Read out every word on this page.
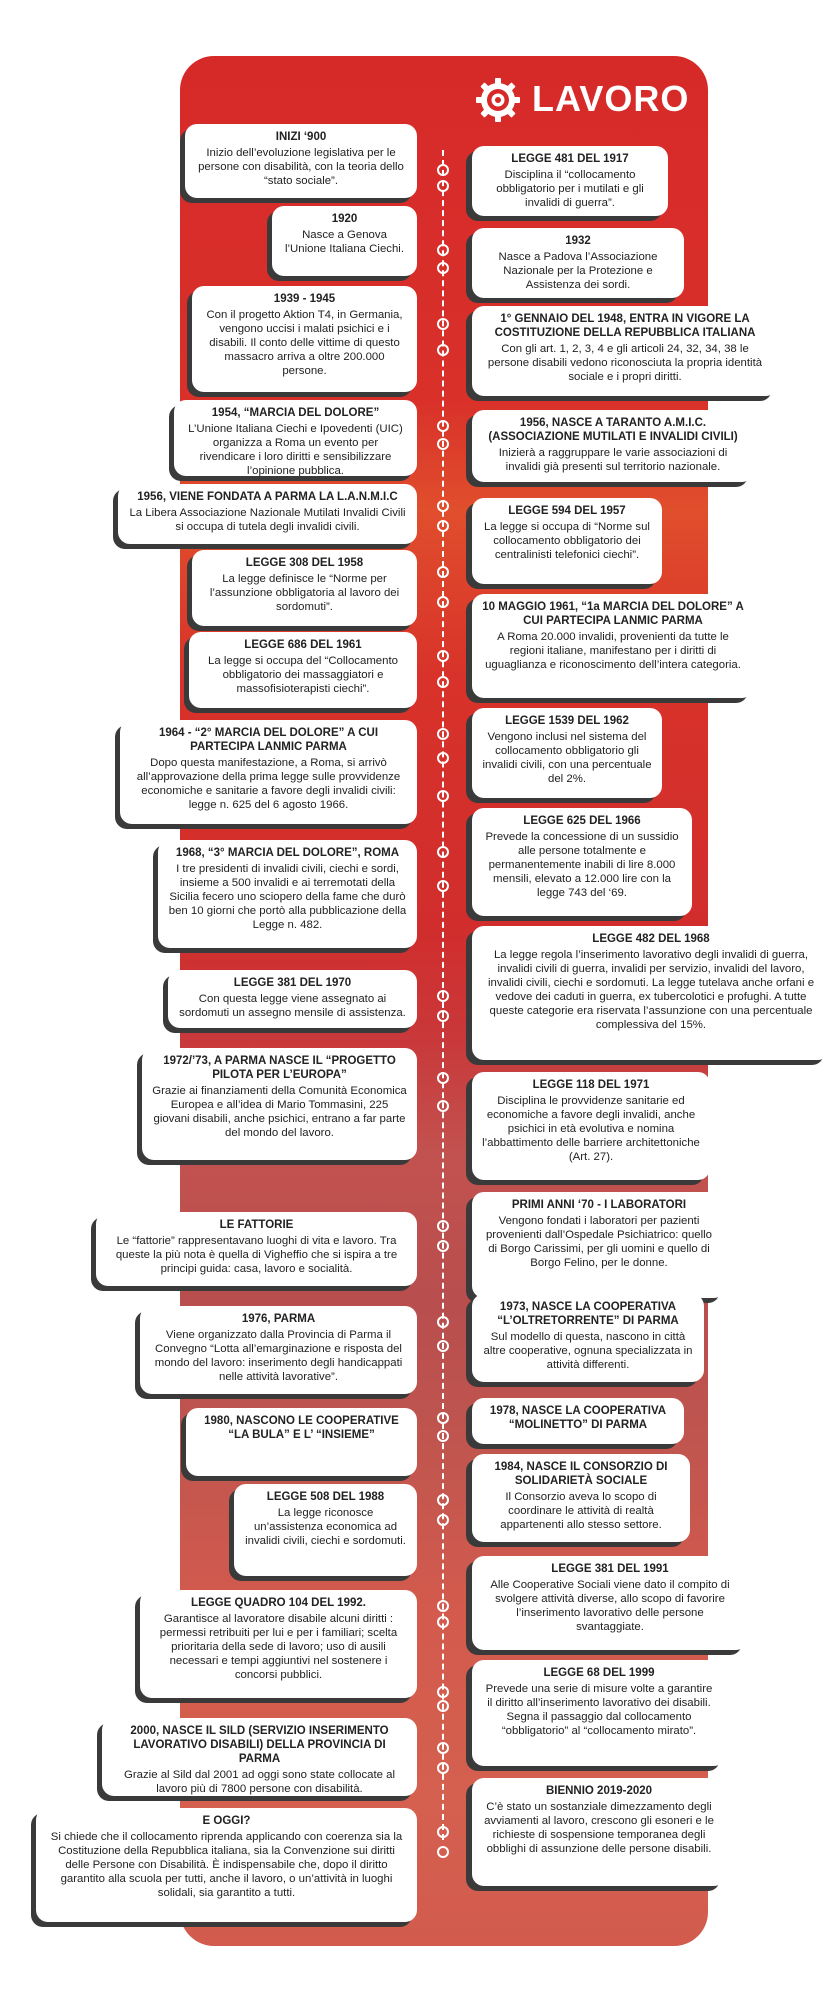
LAVORO
INIZI ‘900

Inizio dell’evoluzione legislativa per le persone con disabilità, con la teoria dello “stato sociale”.

1920

Nasce a Genova l’Unione Italiana Ciechi.

1939 - 1945

Con il progetto Aktion T4, in Germania, vengono uccisi i malati psichici e i disabili. Il conto delle vittime di questo massacro arriva a oltre 200.000 persone.

1954, “MARCIA DEL DOLORE”

L’Unione Italiana Ciechi e Ipovedenti (UIC) organizza a Roma un evento per rivendicare i loro diritti e sensibilizzare l’opinione pubblica.

1956, VIENE FONDATA A PARMA LA L.A.N.M.I.C

La Libera Associazione Nazionale Mutilati Invalidi Civili si occupa di tutela degli invalidi civili.

LEGGE 308 DEL 1958

La legge definisce le “Norme per l’assunzione obbligatoria al lavoro dei sordomuti”.

LEGGE 686 DEL 1961

La legge si occupa del “Collocamento obbligatorio dei massaggiatori e massofisioterapisti ciechi”.

1964 - “2° MARCIA DEL DOLORE” A CUI PARTECIPA LANMIC PARMA

Dopo questa manifestazione, a Roma, si arrivò all’approvazione della prima legge sulle provvidenze economiche e sanitarie a favore degli invalidi civili: legge n. 625 del 6 agosto 1966.

1968, “3° MARCIA DEL DOLORE”, ROMA

I tre presidenti di invalidi civili, ciechi e sordi, insieme a 500 invalidi e ai terremotati della Sicilia fecero uno sciopero della fame che durò ben 10 giorni che portò alla pubblicazione della Legge n. 482.

LEGGE 381 DEL 1970

Con questa legge viene assegnato ai sordomuti un assegno mensile di assistenza.

1972/’73, A PARMA NASCE IL “PROGETTO PILOTA PER L’EUROPA”

Grazie ai finanziamenti della Comunità Economica Europea e all’idea di Mario Tommasini, 225 giovani disabili, anche psichici, entrano a far parte del mondo del lavoro.

LE FATTORIE

Le “fattorie” rappresentavano luoghi di vita e lavoro. Tra queste la più nota è quella di Vigheffio che si ispira a tre principi guida: casa, lavoro e socialità.

1976, PARMA

Viene organizzato dalla Provincia di Parma il Convegno “Lotta all’emarginazione e risposta del mondo del lavoro: inserimento degli handicappati nelle attività lavorative”.

1980, NASCONO LE COOPERATIVE “LA BULA” E L’ “INSIEME”
LEGGE 508 DEL 1988

La legge riconosce un’assistenza economica ad invalidi civili, ciechi e sordomuti.

LEGGE QUADRO 104 DEL 1992.

Garantisce al lavoratore disabile alcuni diritti : permessi retribuiti per lui e per i familiari; scelta prioritaria della sede di lavoro; uso di ausili necessari e tempi aggiuntivi nel sostenere i concorsi pubblici.

2000, NASCE IL SILD (SERVIZIO INSERIMENTO LAVORATIVO DISABILI) DELLA PROVINCIA DI PARMA

Grazie al Sild dal 2001 ad oggi sono state collocate al lavoro più di 7800 persone con disabilità.

E OGGI?

Si chiede che il collocamento riprenda applicando con coerenza sia la Costituzione della Repubblica italiana, sia la Convenzione sui diritti delle Persone con Disabilità. È indispensabile che, dopo il diritto garantito alla scuola per tutti, anche il lavoro, o un’attività in luoghi solidali, sia garantito a tutti.

LEGGE 481 DEL 1917

Disciplina il “collocamento obbligatorio per i mutilati e gli invalidi di guerra”.

1932

Nasce a Padova l’Associazione Nazionale per la Protezione e Assistenza dei sordi.

1° GENNAIO DEL 1948, ENTRA IN VIGORE LA COSTITUZIONE DELLA REPUBBLICA ITALIANA

Con gli art. 1, 2, 3, 4 e gli articoli 24, 32, 34, 38 le persone disabili vedono riconosciuta la propria identità sociale e i propri diritti.

1956, NASCE A TARANTO A.M.I.C. (ASSOCIAZIONE MUTILATI E INVALIDI CIVILI)

Inizierà a raggruppare le varie associazioni di invalidi già presenti sul territorio nazionale.

LEGGE 594 DEL 1957

La legge si occupa di “Norme sul collocamento obbligatorio dei centralinisti telefonici ciechi”.

10 MAGGIO 1961, “1a MARCIA DEL DOLORE” A CUI PARTECIPA LANMIC PARMA

A Roma 20.000 invalidi, provenienti da tutte le regioni italiane, manifestano per i diritti di uguaglianza e riconoscimento dell’intera categoria.

LEGGE 1539 DEL 1962

Vengono inclusi nel sistema del collocamento obbligatorio gli invalidi civili, con una percentuale del 2%.

LEGGE 625 DEL 1966

Prevede la concessione di un sussidio alle persone totalmente e permanentemente inabili di lire 8.000 mensili, elevato a 12.000 lire con la legge 743 del ‘69.

LEGGE 482 DEL 1968

La legge regola l’inserimento lavorativo degli invalidi di guerra, invalidi civili di guerra, invalidi per servizio, invalidi del lavoro, invalidi civili, ciechi e sordomuti. La legge tutelava anche orfani e vedove dei caduti in guerra, ex tubercolotici e profughi. A tutte queste categorie era riservata l’assunzione con una percentuale complessiva del 15%.

LEGGE 118 DEL 1971

Disciplina le provvidenze sanitarie ed economiche a favore degli invalidi, anche psichici in età evolutiva e nomina l’abbattimento delle barriere architettoniche (Art. 27).

PRIMI ANNI ‘70 - I LABORATORI

Vengono fondati i laboratori per pazienti provenienti dall’Ospedale Psichiatrico: quello di Borgo Carissimi, per gli uomini e quello di Borgo Felino, per le donne.

1973, NASCE LA COOPERATIVA “L’OLTRETORRENTE” DI PARMA

Sul modello di questa, nascono in città altre cooperative, ognuna specializzata in attività differenti.

1978, NASCE LA COOPERATIVA “MOLINETTO” DI PARMA
1984, NASCE IL CONSORZIO DI SOLIDARIETÀ SOCIALE

Il Consorzio aveva lo scopo di coordinare le attività di realtà appartenenti allo stesso settore.

LEGGE 381 DEL 1991

Alle Cooperative Sociali viene dato il compito di svolgere attività diverse, allo scopo di favorire l’inserimento lavorativo delle persone svantaggiate.

LEGGE 68 DEL 1999

Prevede una serie di misure volte a garantire il diritto all’inserimento lavorativo dei disabili. Segna il passaggio dal collocamento “obbligatorio” al “collocamento mirato”.

BIENNIO 2019-2020

C’è stato un sostanziale dimezzamento degli avviamenti al lavoro, crescono gli esoneri e le richieste di sospensione temporanea degli obblighi di assunzione delle persone disabili.
